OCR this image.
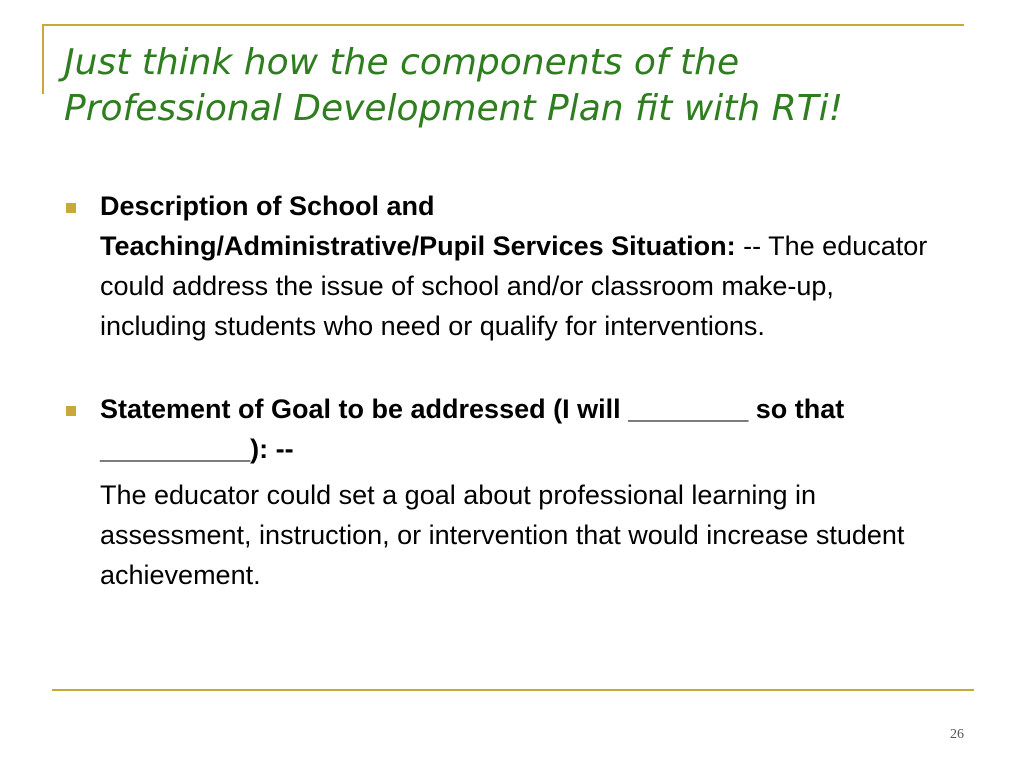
Just think how the components of the
Professional Development Plan fit with RTi!

Description of School and
Teaching/Administrative/Pupil Services Situation: -- The educator could address the issue of school and/or classroom make-up, including students who need or qualify for interventions.

Statement of Goal to be addressed (I will ________ so that __________): --

The educator could set a goal about professional learning in assessment, instruction, or intervention that would increase student achievement.

26
